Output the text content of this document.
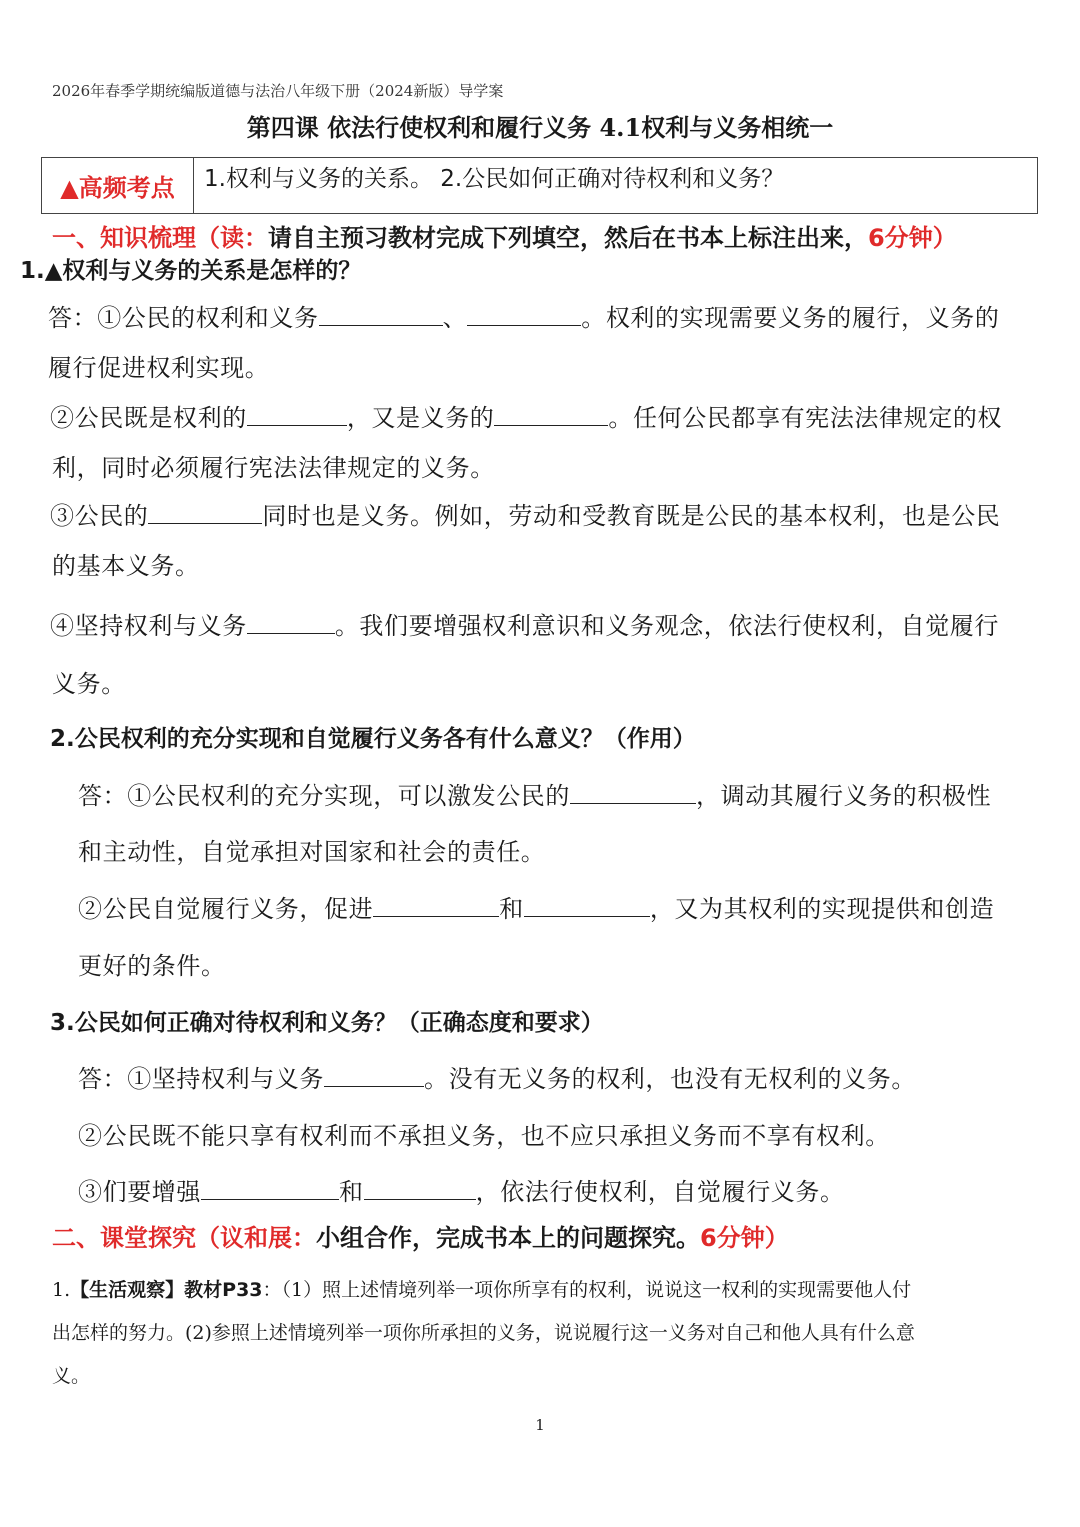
2026年春季学期统编版道德与法治八年级下册（2024新版）导学案
第四课 依法行使权利和履行义务 4.1权利与义务相统一
▲高频考点	1.权利与义务的关系。 2.公民如何正确对待权利和义务？
一、知识梳理（读：请自主预习教材完成下列填空，然后在书本上标注出来，6分钟）
1.▲权利与义务的关系是怎样的？
答：①公民的权利和义务	、	。权利的实现需要义务的履行，义务的
履行促进权利实现。
②公民既是权利的	，又是义务的	。任何公民都享有宪法法律规定的权
利，同时必须履行宪法法律规定的义务。
③公民的	同时也是义务。例如，劳动和受教育既是公民的基本权利，也是公民
的基本义务。
④坚持权利与义务	。我们要增强权利意识和义务观念，依法行使权利，自觉履行
义务。
2.公民权利的充分实现和自觉履行义务各有什么意义？（作用）
答：①公民权利的充分实现，可以激发公民的	，调动其履行义务的积极性
和主动性，自觉承担对国家和社会的责任。
②公民自觉履行义务，促进	和	，又为其权利的实现提供和创造
更好的条件。
3.公民如何正确对待权利和义务？（正确态度和要求）
答：①坚持权利与义务	。没有无义务的权利，也没有无权利的义务。
②公民既不能只享有权利而不承担义务，也不应只承担义务而不享有权利。
③们要增强	和	，依法行使权利，自觉履行义务。
二、课堂探究（议和展：小组合作，完成书本上的问题探究。6分钟）
1.【生活观察】教材P33：（1）照上述情境列举一项你所享有的权利，说说这一权利的实现需要他人付
出怎样的努力。(2)参照上述情境列举一项你所承担的义务，说说履行这一义务对自己和他人具有什么意
义。
1
